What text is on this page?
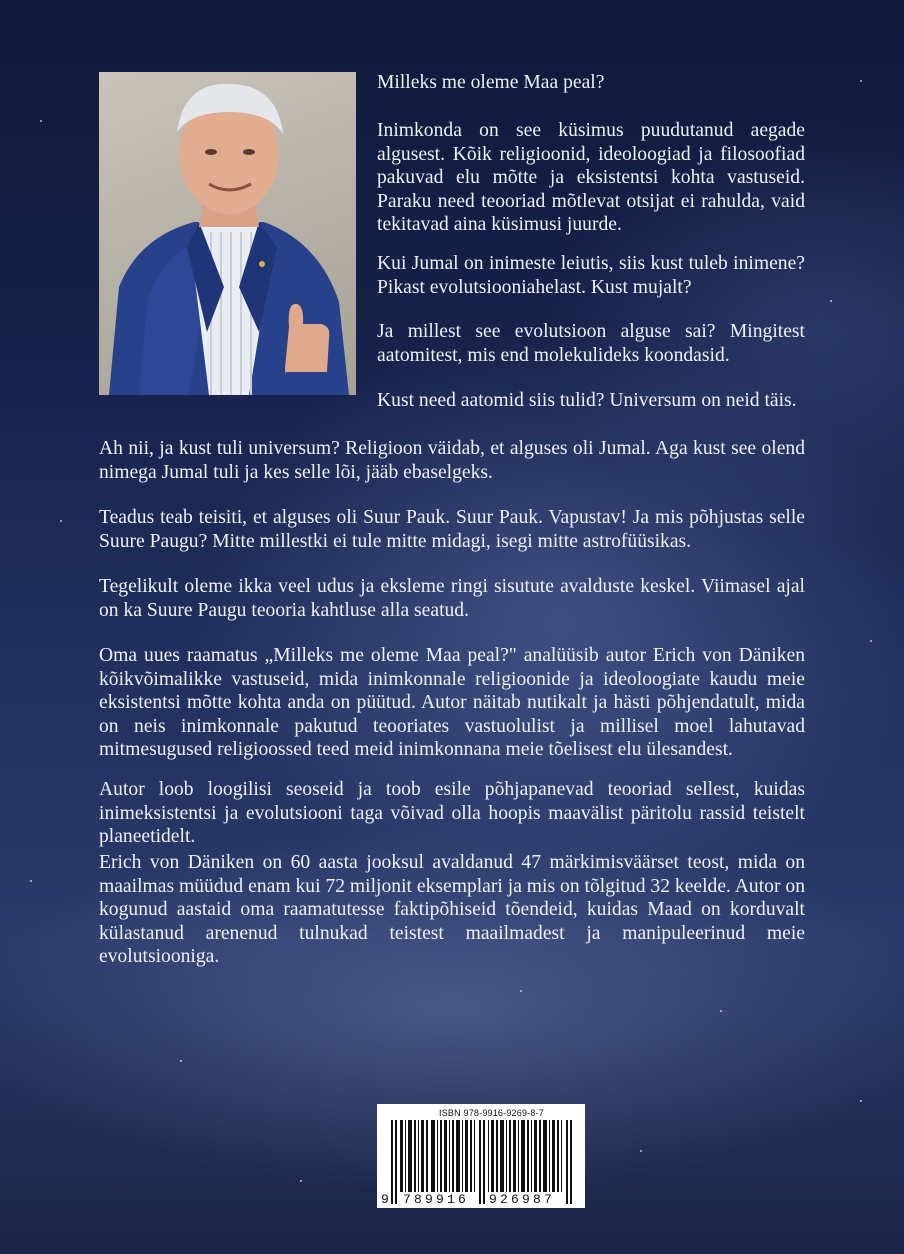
Milleks me oleme Maa peal?

Inimkonda on see küsimus puudutanud aegade algusest. Kõik religioonid, ideoloogiad ja filosoofiad pakuvad elu mõtte ja eksistentsi kohta vastuseid. Paraku need teooriad mõtlevat otsijat ei rahulda, vaid tekitavad aina küsimusi juurde.

Kui Jumal on inimeste leiutis, siis kust tuleb inimene? Pikast evolutsiooniahelast. Kust mujalt?

Ja millest see evolutsioon alguse sai? Mingitest aatomitest, mis end molekulideks koondasid.

Kust need aatomid siis tulid? Universum on neid täis.

Ah nii, ja kust tuli universum? Religioon väidab, et alguses oli Jumal. Aga kust see olend nimega Jumal tuli ja kes selle lõi, jääb ebaselgeks.

Teadus teab teisiti, et alguses oli Suur Pauk. Suur Pauk. Vapustav! Ja mis põhjustas selle Suure Paugu? Mitte millestki ei tule mitte midagi, isegi mitte astrofüüsikas.

Tegelikult oleme ikka veel udus ja eksleme ringi sisututе avalduste keskel. Viimasel ajal on ka Suure Paugu teooria kahtluse alla seatud.

Oma uues raamatus „Milleks me oleme Maa peal?" analüüsib autor Erich von Däniken kõikvõimalikke vastuseid, mida inimkonnale religioonide ja ideoloogiate kaudu meie eksistentsi mõtte kohta anda on püütud. Autor näitab nutikalt ja hästi põhjendatult, mida on neis inimkonnale pakutud teooriates vastuolulist ja millisel moel lahutavad mitmesugused religioossed teed meid inimkonnana meie tõelisest elu ülesandest.

Autor loob loogilisi seoseid ja toob esile põhjapanevad teooriad sellest, kuidas inimeksistentsi ja evolutsiooni taga võivad olla hoopis maavälist päritolu rassid teistelt planeetidelt.

Erich von Däniken on 60 aasta jooksul avaldanud 47 märkimisväärset teost, mida on maailmas müüdud enam kui 72 miljonit eksemplari ja mis on tõlgitud 32 keelde. Autor on kogunud aastaid oma raamatutesse faktipõhiseid tõendeid, kuidas Maad on korduvalt külastanud arenenud tulnukad teistest maailmadest ja manipuleerinud meie evolutsiooniga.

ISBN 978-9916-9269-8-7
9 789916 926987
